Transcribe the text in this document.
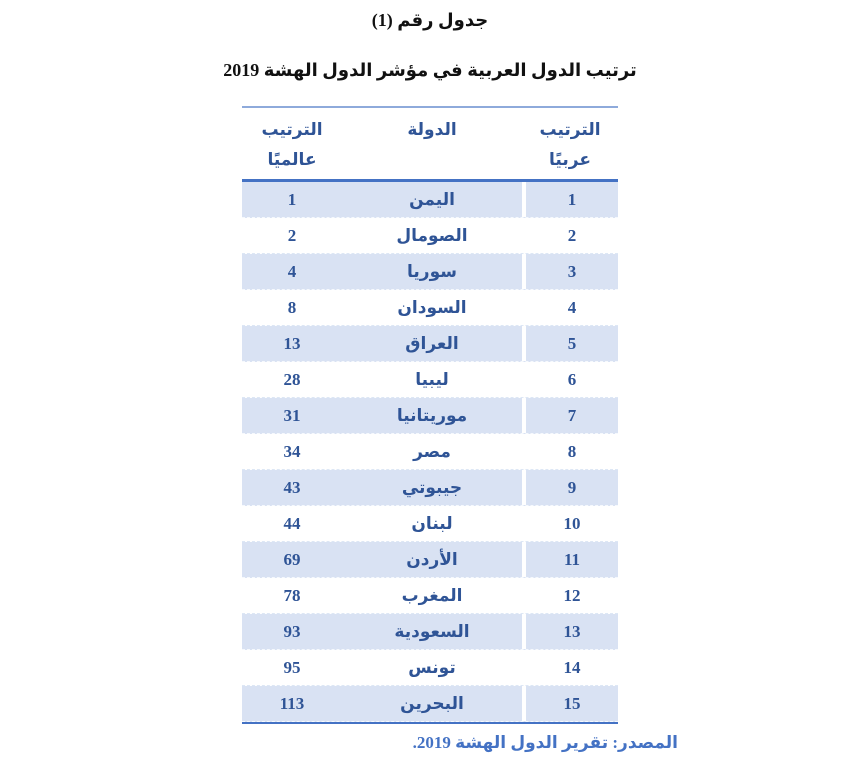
جدول رقم (1)
ترتيب الدول العربية في مؤشر الدول الهشة 2019
الترتيب
عربيًا
الدولة
الترتيب
عالميًا
1
اليمن
1
2
الصومال
2
3
سوريا
4
4
السودان
8
5
العراق
13
6
ليبيا
28
7
موريتانيا
31
8
مصر
34
9
جيبوتي
43
10
لبنان
44
11
الأردن
69
12
المغرب
78
13
السعودية
93
14
تونس
95
15
البحرين
113
المصدر: تقرير الدول الهشة 2019.
